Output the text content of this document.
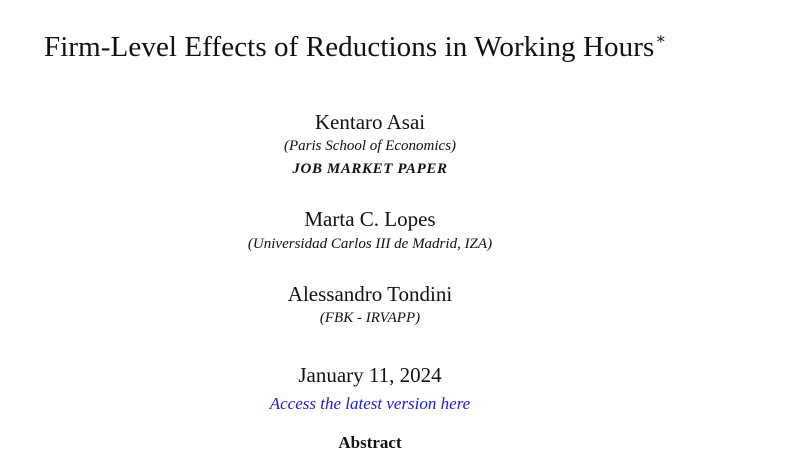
Firm-Level Effects of Reductions in Working Hours∗
Kentaro Asai
(Paris School of Economics)
JOB MARKET PAPER
Marta C. Lopes
(Universidad Carlos III de Madrid, IZA)
Alessandro Tondini
(FBK - IRVAPP)
January 11, 2024
Access the latest version here
Abstract
